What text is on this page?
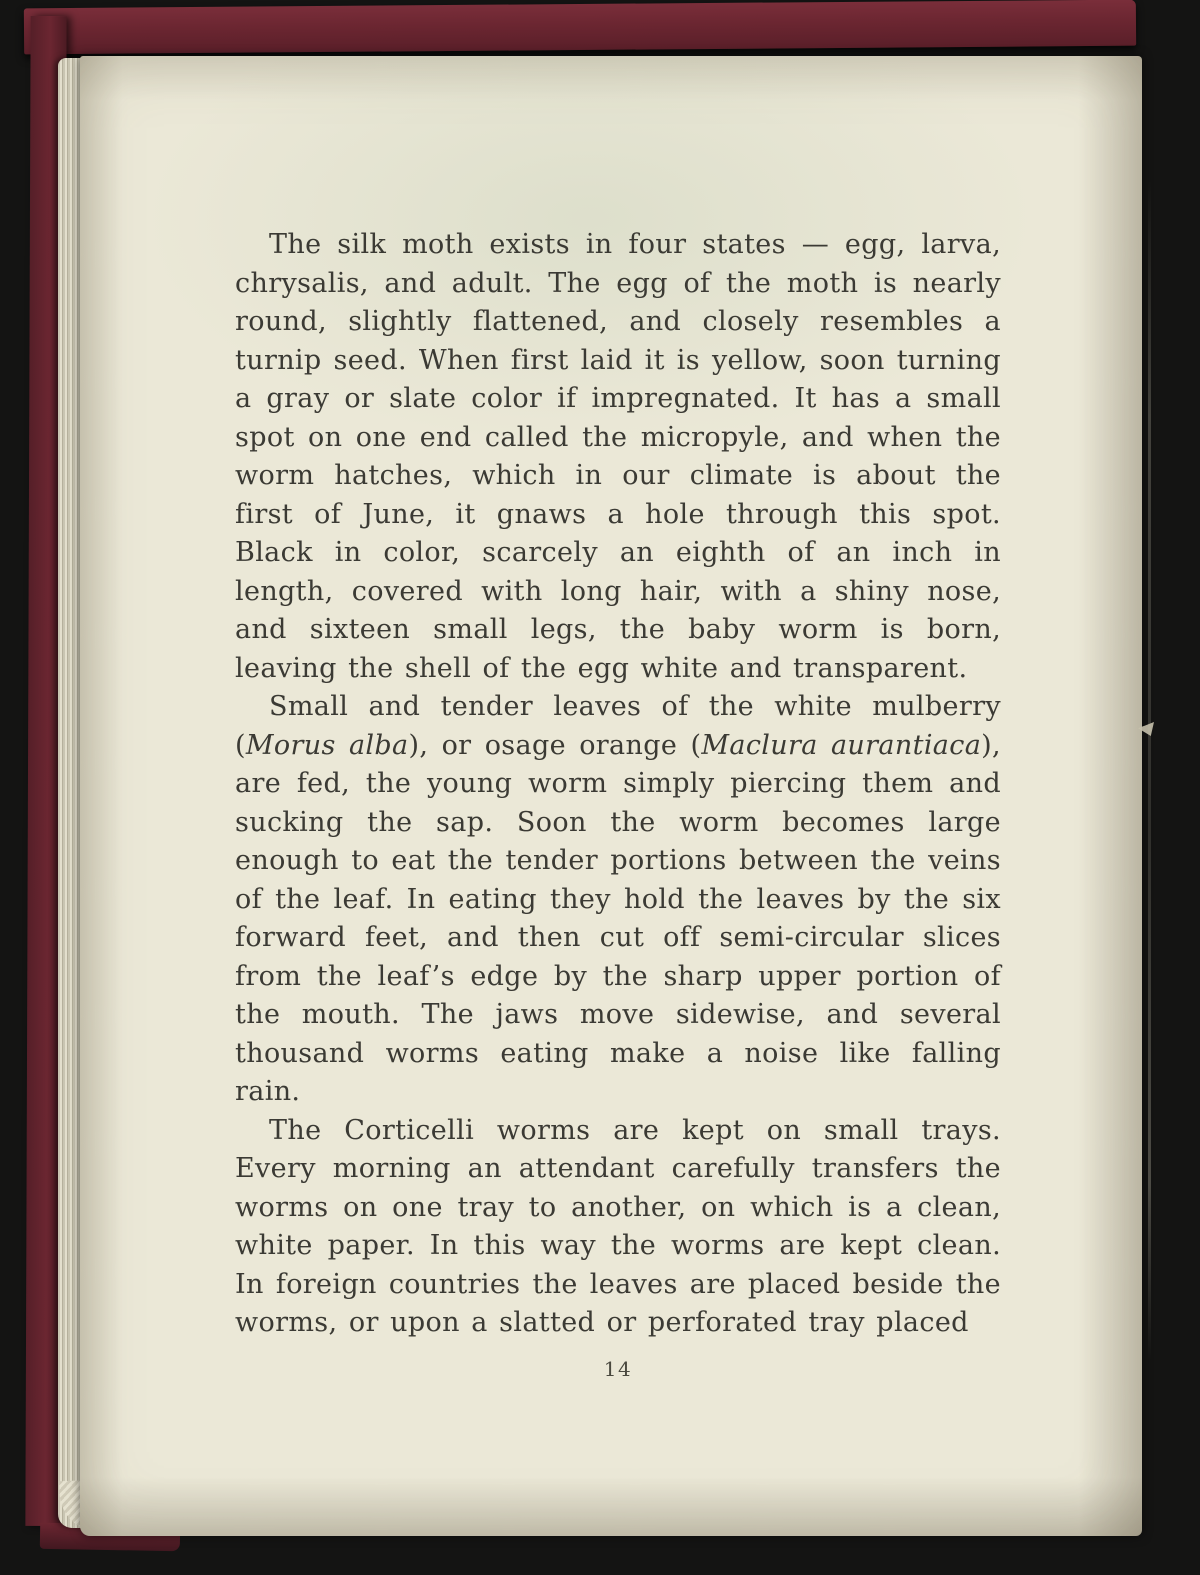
The silk moth exists in four states — egg, larva, chrysalis, and adult. The egg of the moth is nearly round, slightly flattened, and closely resembles a turnip seed. When first laid it is yellow, soon turning a gray or slate color if impregnated. It has a small spot on one end called the micropyle, and when the worm hatches, which in our climate is about the first of June, it gnaws a hole through this spot. Black in color, scarcely an eighth of an inch in length, covered with long hair, with a shiny nose, and sixteen small legs, the baby worm is born, leaving the shell of the egg white and transparent.

Small and tender leaves of the white mulberry (Morus alba), or osage orange (Maclura aurantiaca), are fed, the young worm simply piercing them and sucking the sap. Soon the worm becomes large enough to eat the tender portions between the veins of the leaf. In eating they hold the leaves by the six forward feet, and then cut off semi-circular slices from the leaf’s edge by the sharp upper portion of the mouth. The jaws move sidewise, and several thousand worms eating make a noise like falling rain.

The Corticelli worms are kept on small trays. Every morning an attendant carefully transfers the worms on one tray to another, on which is a clean, white paper. In this way the worms are kept clean. In foreign countries the leaves are placed beside the worms, or upon a slatted or perforated tray placed

14
